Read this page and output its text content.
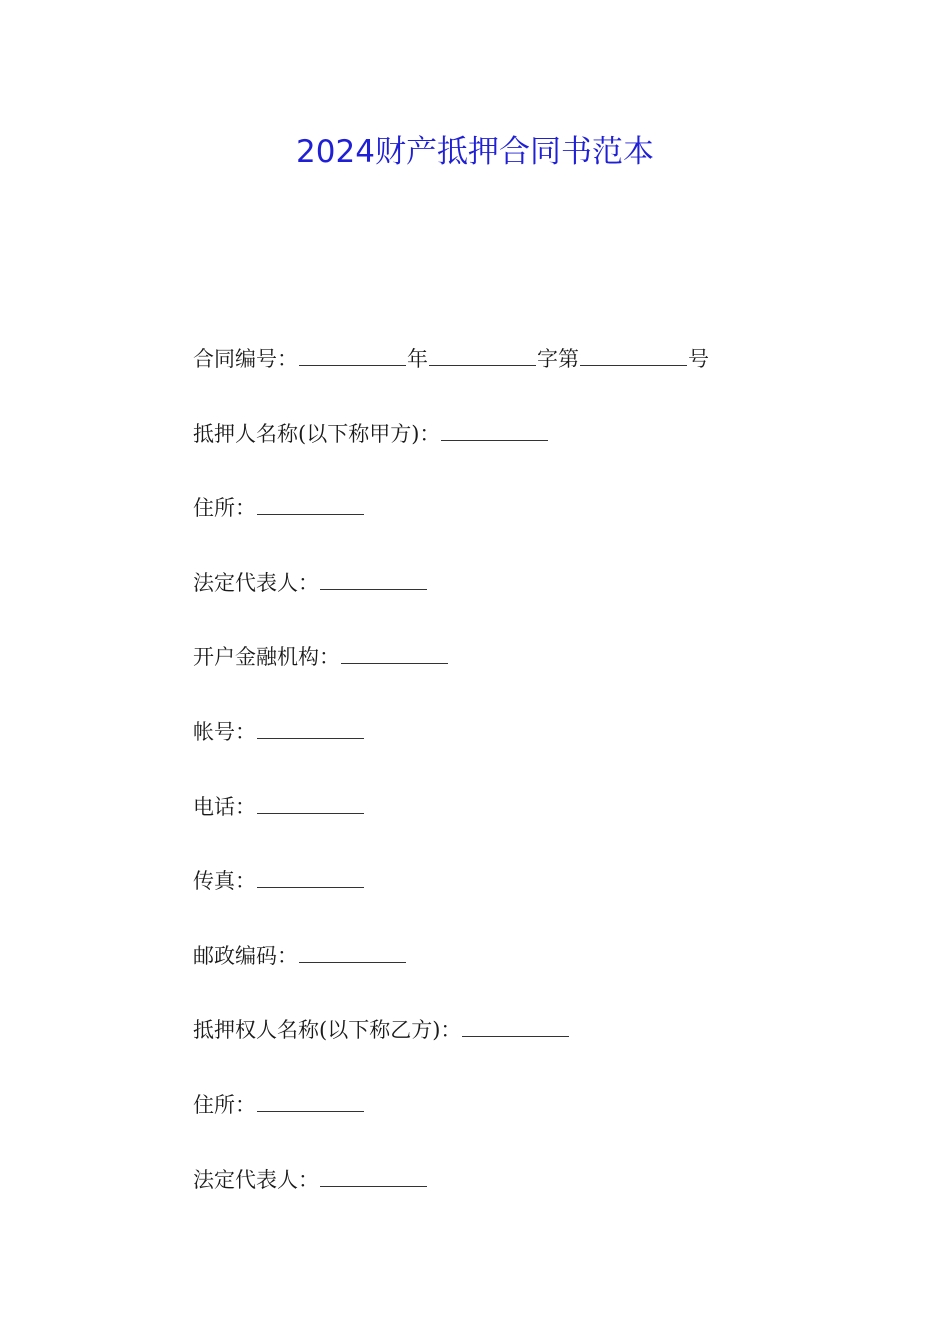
2024财产抵押合同书范本
合同编号：	年	字第	号
抵押人名称(以下称甲方)：
住所：
法定代表人：
开户金融机构：
帐号：
电话：
传真：
邮政编码：
抵押权人名称(以下称乙方)：
住所：
法定代表人：
